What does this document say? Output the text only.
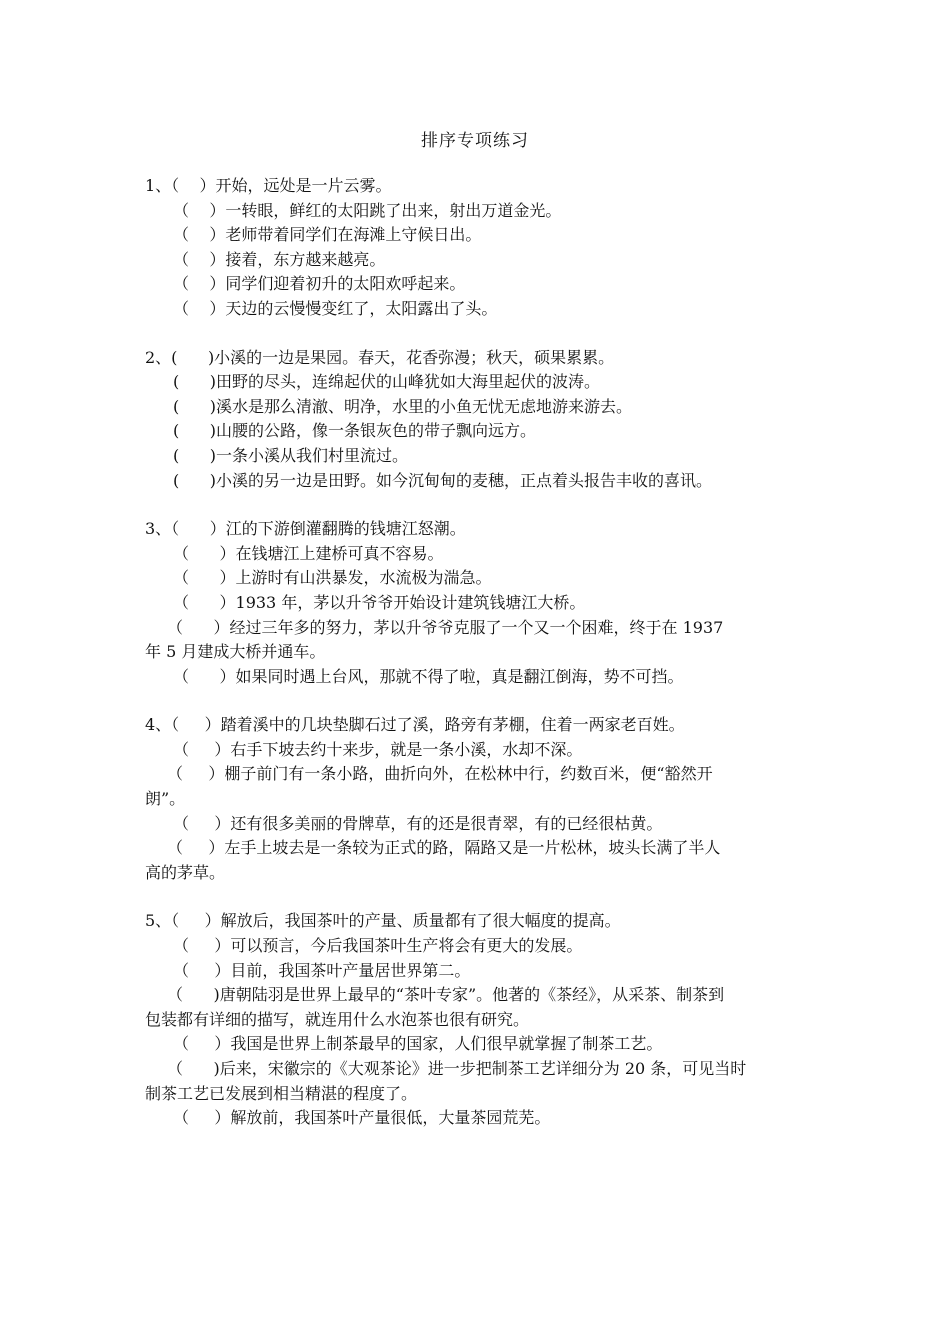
排序专项练习

1、（    ）开始，远处是一片云雾。

（    ）一转眼，鲜红的太阳跳了出来，射出万道金光。

（    ）老师带着同学们在海滩上守候日出。

（    ）接着，东方越来越亮。

（    ）同学们迎着初升的太阳欢呼起来。

（    ）天边的云慢慢变红了，太阳露出了头。

2、(      )小溪的一边是果园。春天，花香弥漫；秋天，硕果累累。

(      )田野的尽头，连绵起伏的山峰犹如大海里起伏的波涛。

(      )溪水是那么清澈、明净，水里的小鱼无忧无虑地游来游去。

(      )山腰的公路，像一条银灰色的带子飘向远方。

(      )一条小溪从我们村里流过。

(      )小溪的另一边是田野。如今沉甸甸的麦穗，正点着头报告丰收的喜讯。

3、（      ）江的下游倒灌翻腾的钱塘江怒潮。

（      ）在钱塘江上建桥可真不容易。

（      ）上游时有山洪暴发，水流极为湍急。

（      ）1933 年，茅以升爷爷开始设计建筑钱塘江大桥。

（      ）经过三年多的努力，茅以升爷爷克服了一个又一个困难，终于在 1937

年 5 月建成大桥并通车。

（      ）如果同时遇上台风，那就不得了啦，真是翻江倒海，势不可挡。

4、（     ）踏着溪中的几块垫脚石过了溪，路旁有茅棚，住着一两家老百姓。

（     ）右手下坡去约十来步，就是一条小溪，水却不深。

（     ）棚子前门有一条小路，曲折向外，在松林中行，约数百米，便“豁然开

朗”。

（     ）还有很多美丽的骨牌草，有的还是很青翠，有的已经很枯黄。

（     ）左手上坡去是一条较为正式的路，隔路又是一片松林，坡头长满了半人

高的茅草。

5、（     ）解放后，我国茶叶的产量、质量都有了很大幅度的提高。

（     ）可以预言，今后我国茶叶生产将会有更大的发展。

（     ）目前，我国茶叶产量居世界第二。

（      )唐朝陆羽是世界上最早的“茶叶专家”。他著的《茶经》，从采茶、制茶到

包装都有详细的描写，就连用什么水泡茶也很有研究。

（     ）我国是世界上制茶最早的国家，人们很早就掌握了制茶工艺。

（      )后来，宋徽宗的《大观茶论》进一步把制茶工艺详细分为 20 条，可见当时

制茶工艺已发展到相当精湛的程度了。

（     ）解放前，我国茶叶产量很低，大量茶园荒芜。
